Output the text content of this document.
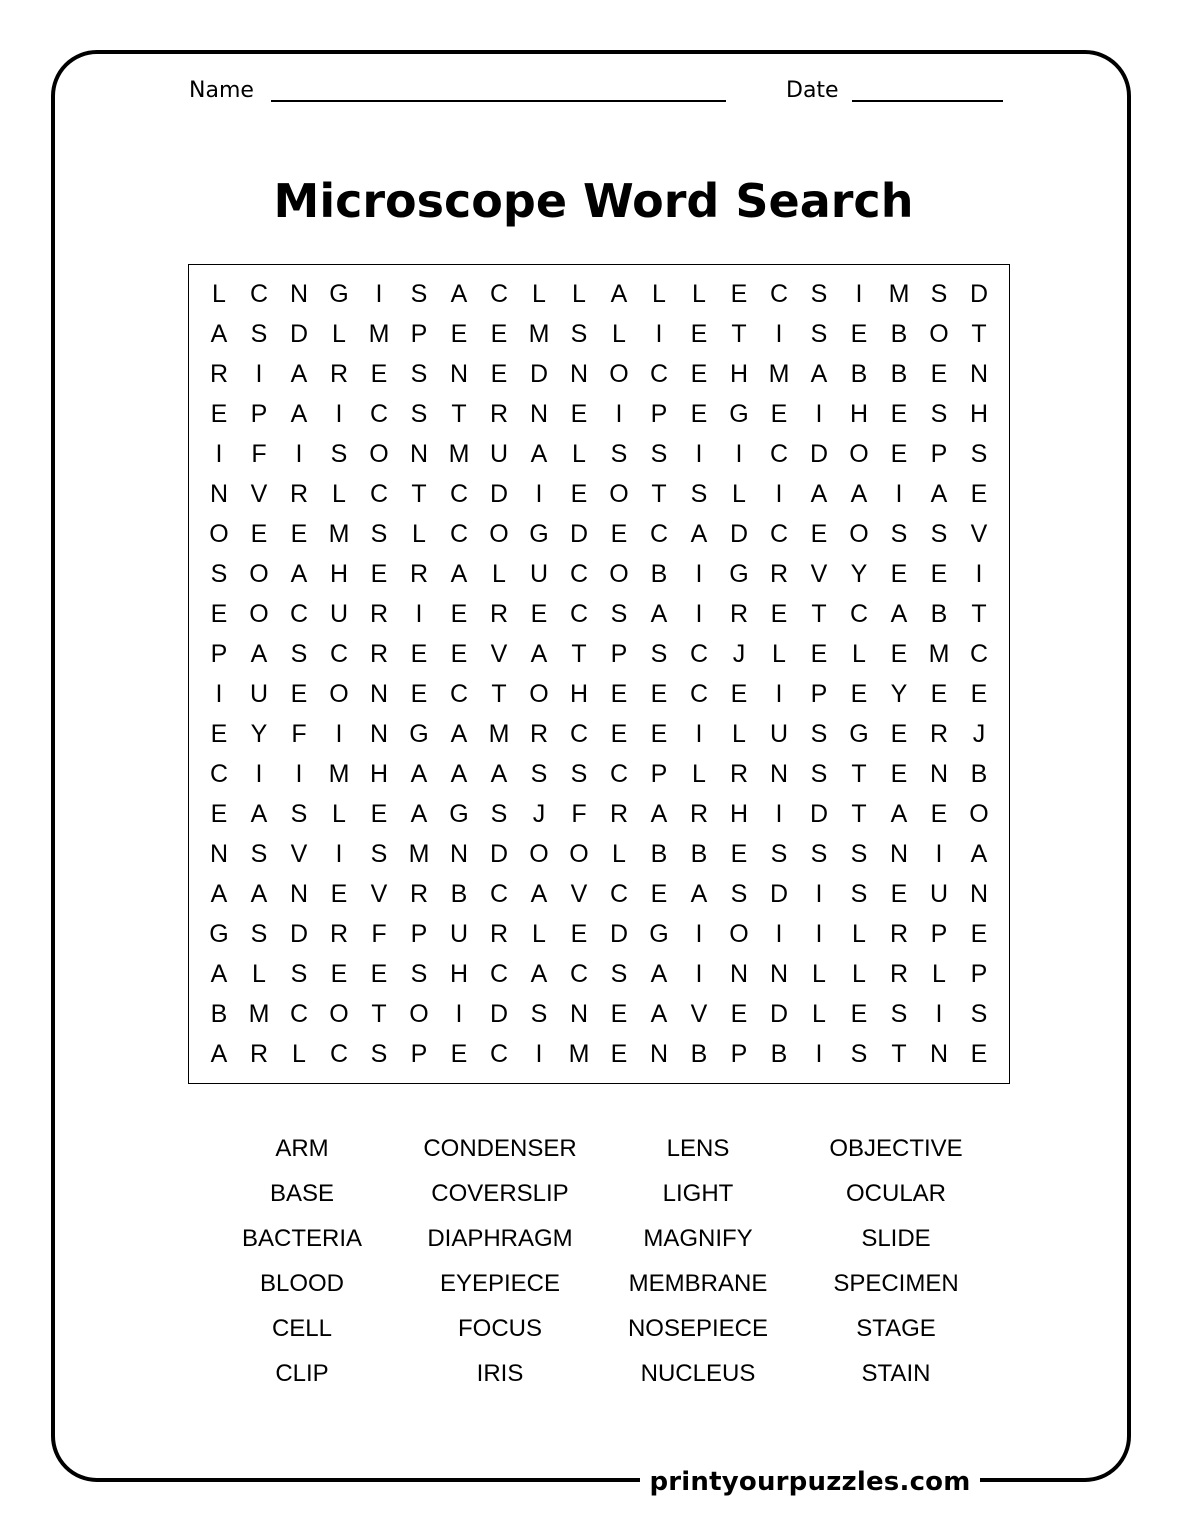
printyourpuzzles.com
Name	Date
Microscope Word Search
L C N G	I	S A C L	L A L	L E C S	I	M S D
A S D L M P E E M S L	I	E T	I	S E B O T
R	I	A R E S N E D N O C E H M A B B E N
E P A	I	C S T R N E	I	P E G E	I	H E S H
I	F	I	S O N M U A L S S	I	I	C D O E P S
N V R L C T C D	I	E O T S L	I	A A	I	A E
O E E M S L C O G D E C A D C E O S S V
S O A H E R A L U C O B	I	G R V Y E E	I
E O C U R	I	E R E C S A	I	R E T C A B T
P A S C R E E V A T P S C J	L E L E M C
I	U E O N E C T O H E E C E	I	P E Y E E
E Y F	I	N G A M R C E E	I	L U S G E R J
C	I	I	M H A A A S S C P L R N S T E N B
E A S L E A G S	J	F R A R H	I	D T A E O
N S V	I	S M N D O O L B B E S S S N	I	A
A A N E V R B C A V C E A S D	I	S E U N
G S D R F P U R L E D G	I	O	I	I	L R P E
A L S E E S H C A C S A	I	N N L	L R L P
B M C O T O	I	D S N E A V E D L E S	I	S
A R L C S P E C	I	M E N B P B	I	S T N E
ARM	CONDENSER	LENS	OBJECTIVE
BASE	COVERSLIP	LIGHT	OCULAR
BACTERIA	DIAPHRAGM	MAGNIFY	SLIDE
BLOOD	EYEPIECE	MEMBRANE	SPECIMEN
CELL	FOCUS	NOSEPIECE	STAGE
CLIP	IRIS	NUCLEUS	STAIN
